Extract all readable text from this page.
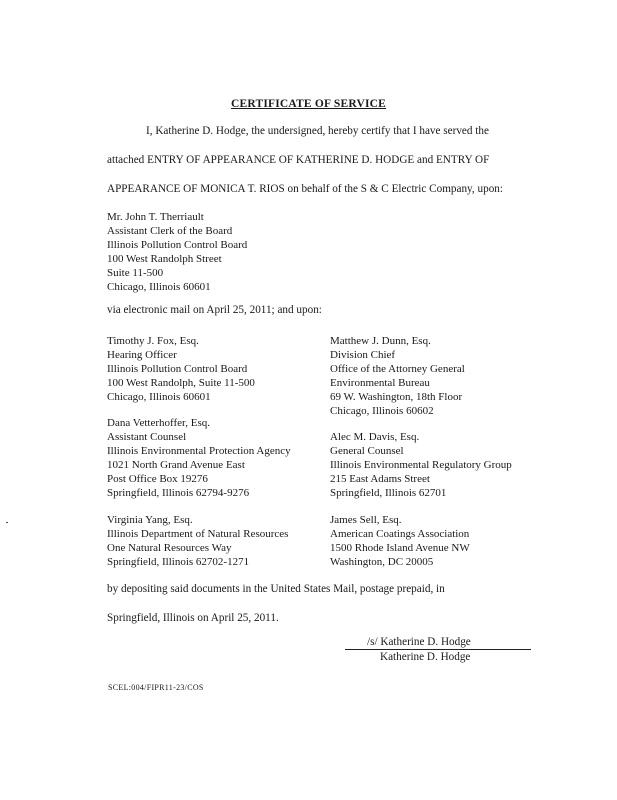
CERTIFICATE OF SERVICE
I, Katherine D. Hodge, the undersigned, hereby certify that I have served the
attached ENTRY OF APPEARANCE OF KATHERINE D. HODGE and ENTRY OF
APPEARANCE OF MONICA T. RIOS on behalf of the S & C Electric Company, upon:
Mr. John T. Therriault
Assistant Clerk of the Board
Illinois Pollution Control Board
100 West Randolph Street
Suite 11-500
Chicago, Illinois 60601
via electronic mail on April 25, 2011; and upon:
Timothy J. Fox, Esq.
Hearing Officer
Illinois Pollution Control Board
100 West Randolph, Suite 11-500
Chicago, Illinois 60601
Matthew J. Dunn, Esq.
Division Chief
Office of the Attorney General
Environmental Bureau
69 W. Washington, 18th Floor
Chicago, Illinois 60602
Dana Vetterhoffer, Esq.
Assistant Counsel
Illinois Environmental Protection Agency
1021 North Grand Avenue East
Post Office Box 19276
Springfield, Illinois 62794-9276
Alec M. Davis, Esq.
General Counsel
Illinois Environmental Regulatory Group
215 East Adams Street
Springfield, Illinois 62701
Virginia Yang, Esq.
Illinois Department of Natural Resources
One Natural Resources Way
Springfield, Illinois 62702-1271
James Sell, Esq.
American Coatings Association
1500 Rhode Island Avenue NW
Washington, DC 20005
by depositing said documents in the United States Mail, postage prepaid, in
Springfield, Illinois on April 25, 2011.
/s/ Katherine D. Hodge
Katherine D. Hodge
SCEL:004/FIPR11-23/COS
